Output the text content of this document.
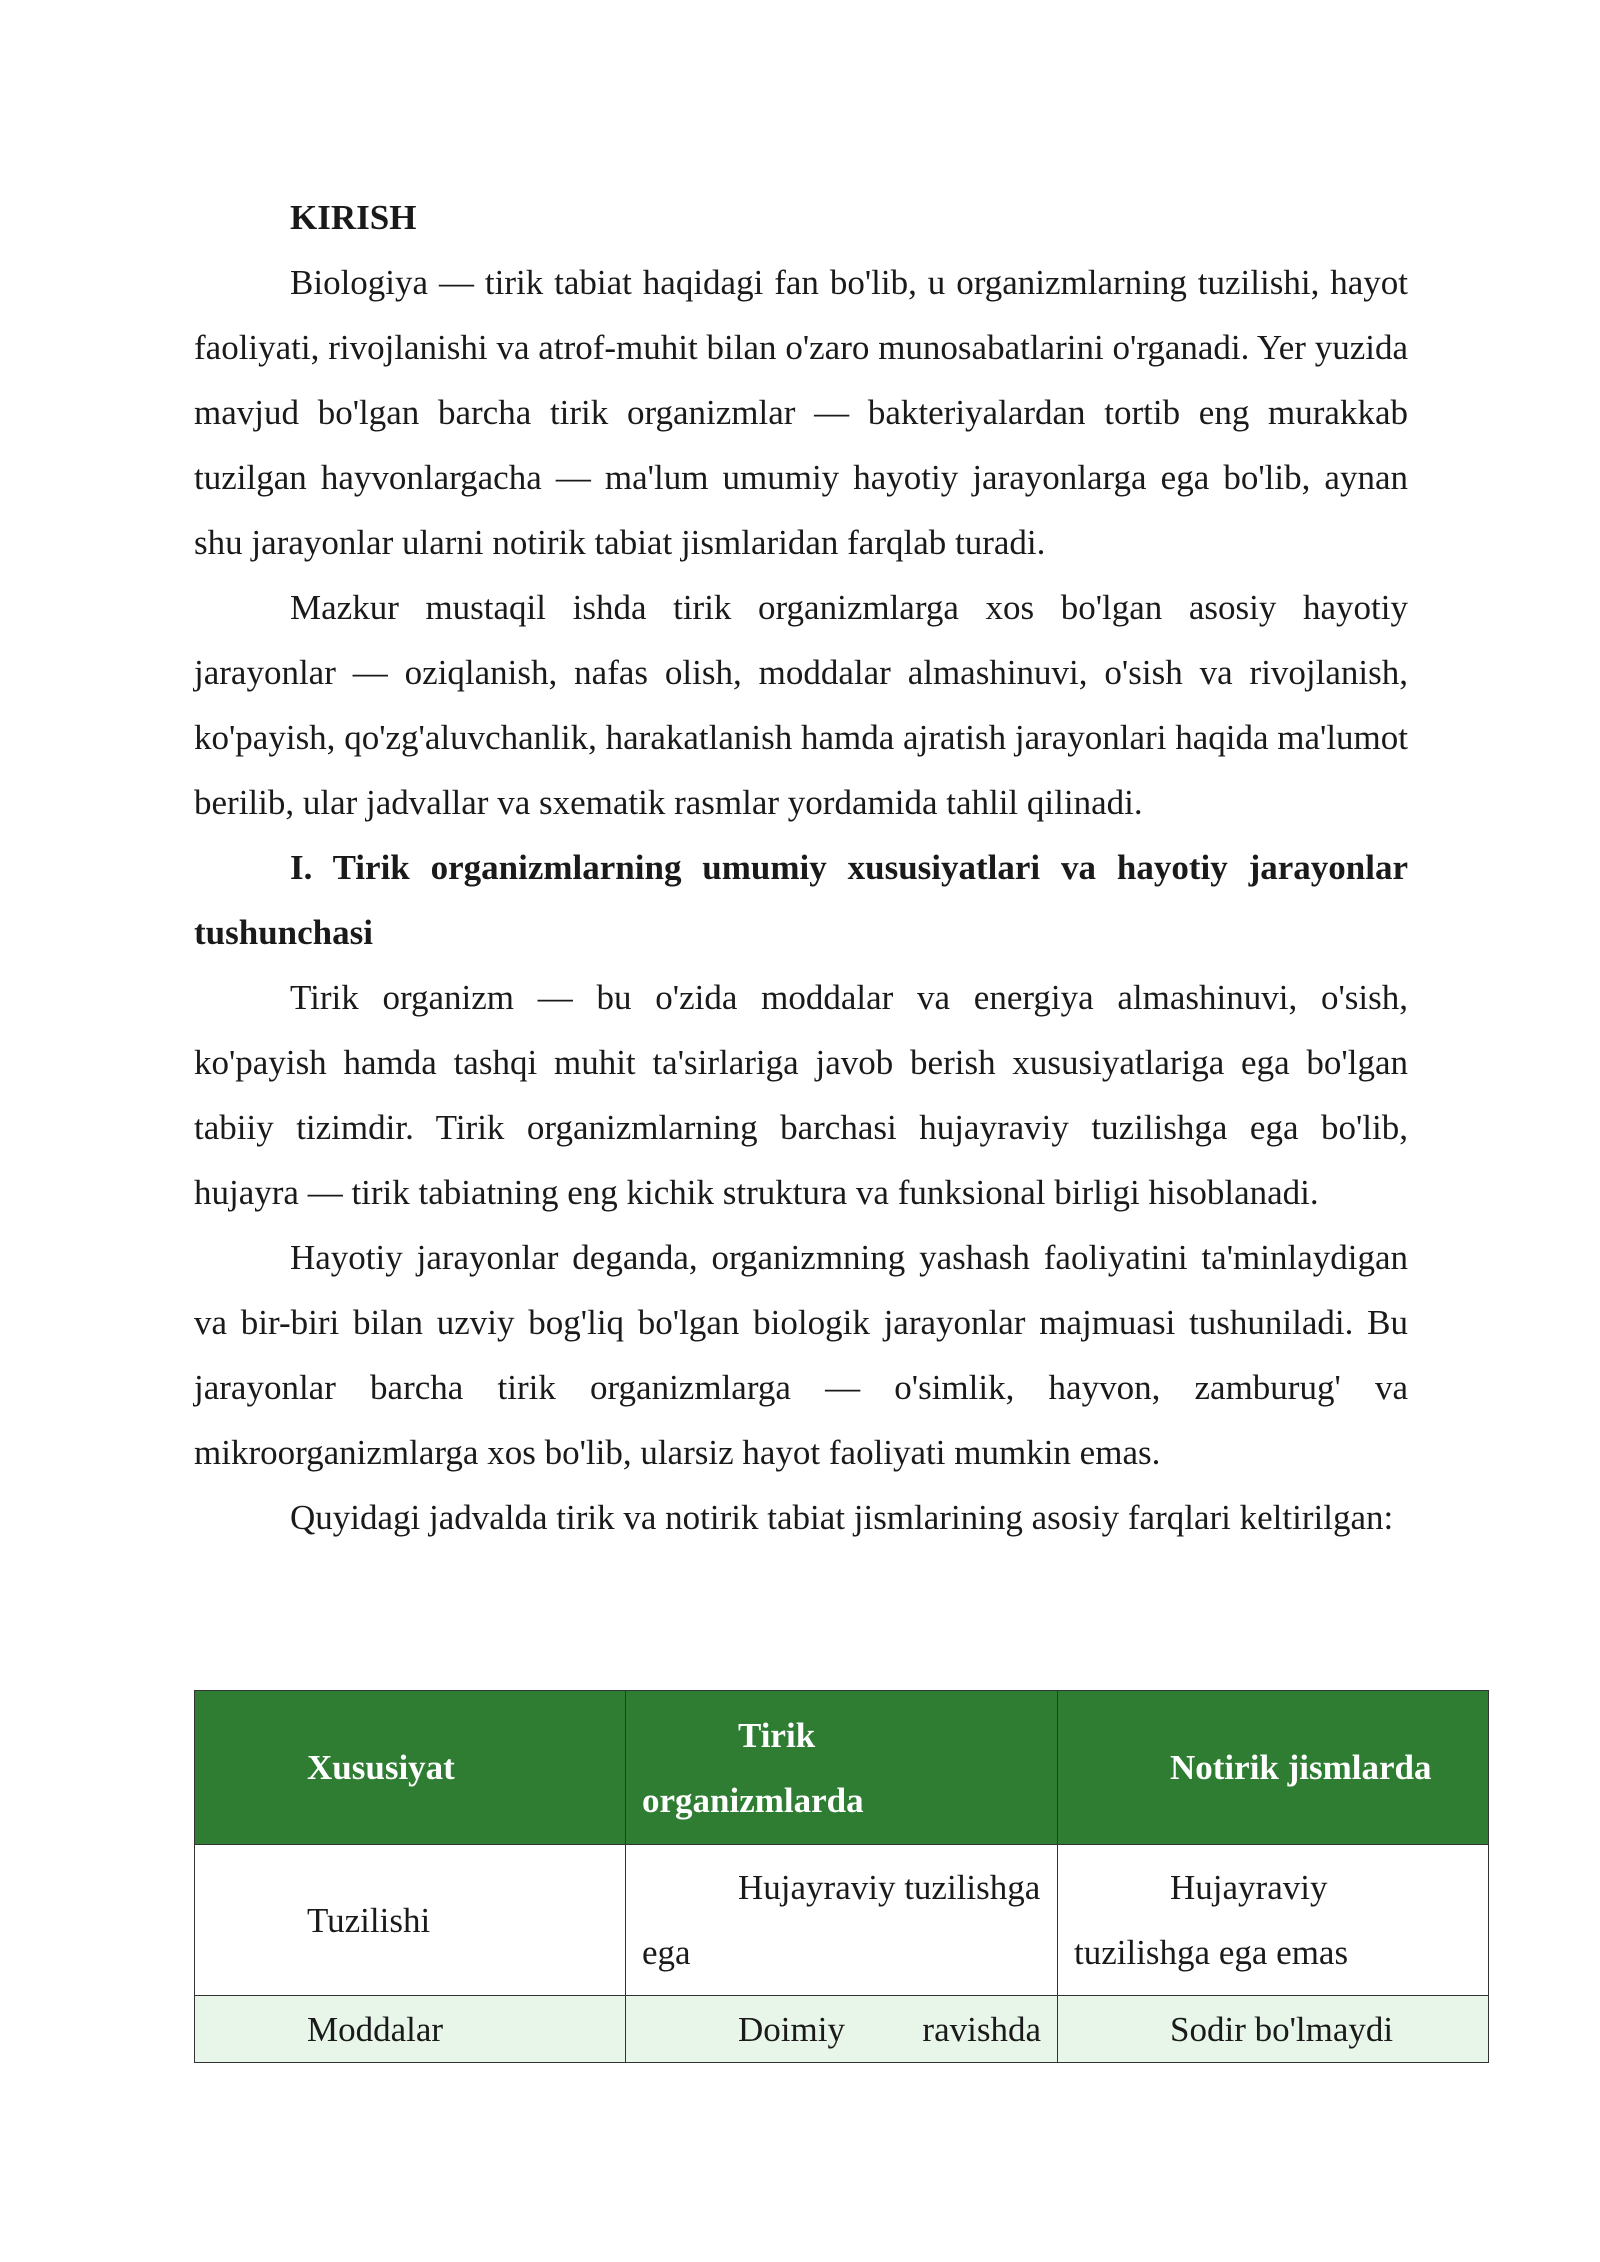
KIRISH

Biologiya — tirik tabiat haqidagi fan bo'lib, u organizmlarning tuzilishi, hayot faoliyati, rivojlanishi va atrof-muhit bilan o'zaro munosabatlarini o'rganadi. Yer yuzida mavjud bo'lgan barcha tirik organizmlar — bakteriyalardan tortib eng murakkab tuzilgan hayvonlargacha — ma'lum umumiy hayotiy jarayonlarga ega bo'lib, aynan shu jarayonlar ularni notirik tabiat jismlaridan farqlab turadi.

Mazkur mustaqil ishda tirik organizmlarga xos bo'lgan asosiy hayotiy jarayonlar — oziqlanish, nafas olish, moddalar almashinuvi, o'sish va rivojlanish, ko'payish, qo'zg'aluvchanlik, harakatlanish hamda ajratish jarayonlari haqida ma'lumot berilib, ular jadvallar va sxematik rasmlar yordamida tahlil qilinadi.

I. Tirik organizmlarning umumiy xususiyatlari va hayotiy jarayonlar tushunchasi

Tirik organizm — bu o'zida moddalar va energiya almashinuvi, o'sish, ko'payish hamda tashqi muhit ta'sirlariga javob berish xususiyatlariga ega bo'lgan tabiiy tizimdir. Tirik organizmlarning barchasi hujayraviy tuzilishga ega bo'lib, hujayra — tirik tabiatning eng kichik struktura va funksional birligi hisoblanadi.

Hayotiy jarayonlar deganda, organizmning yashash faoliyatini ta'minlaydigan va bir-biri bilan uzviy bog'liq bo'lgan biologik jarayonlar majmuasi tushuniladi. Bu jarayonlar barcha tirik organizmlarga — o'simlik, hayvon, zamburug' va mikroorganizmlarga xos bo'lib, ularsiz hayot faoliyati mumkin emas.

Quyidagi jadvalda tirik va notirik tabiat jismlarining asosiy farqlari keltirilgan:

Xususiyat	Tirik organizmlarda	Notirik jismlarda
Tuzilishi	Hujayraviy tuzilishga ega	Hujayraviy tuzilishga ega emas
Moddalar	Doimiy ravishda	Sodir bo'lmaydi
